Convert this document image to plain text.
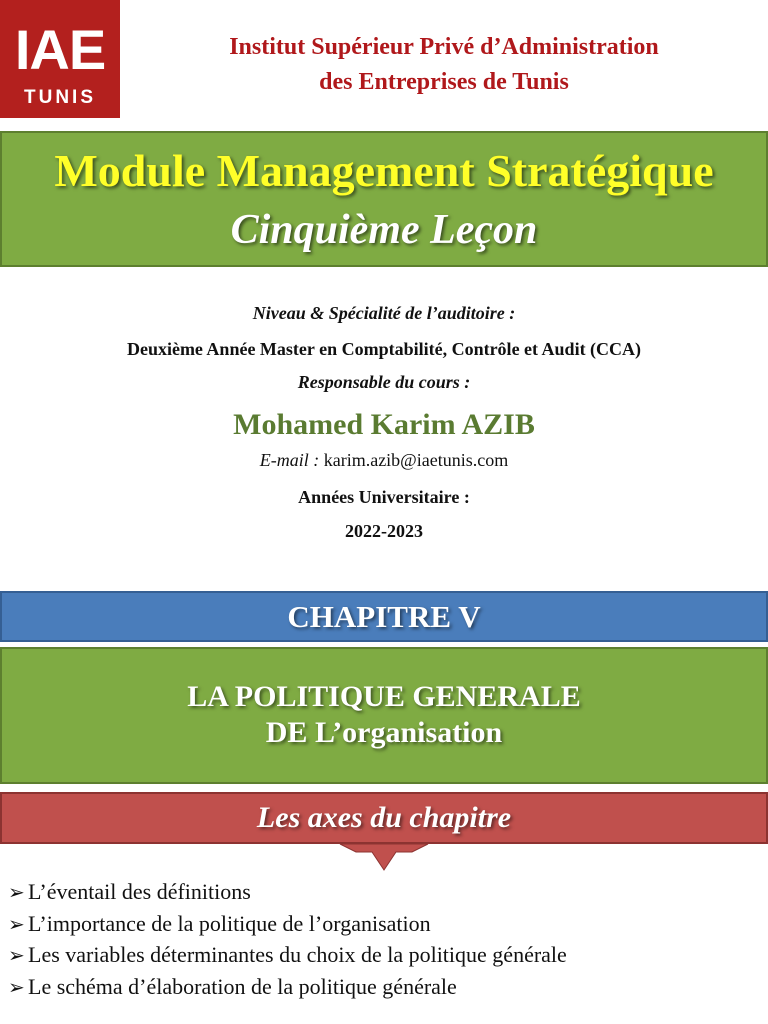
IAE
TUNIS
Institut Supérieur Privé d’Administration
des Entreprises de Tunis
Module Management Stratégique
Cinquième Leçon
Niveau & Spécialité de l’auditoire :
Deuxième Année Master en Comptabilité, Contrôle et Audit (CCA)
Responsable du cours :
Mohamed Karim AZIB
E-mail : karim.azib@iaetunis.com
Années Universitaire :
2022-2023
CHAPITRE V
LA POLITIQUE GENERALE
DE L’organisation
Les axes du chapitre
➢ L’éventail des définitions
➢ L’importance de la politique de l’organisation
➢ Les variables déterminantes du choix de la politique générale
➢ Le schéma d’élaboration de la politique générale
